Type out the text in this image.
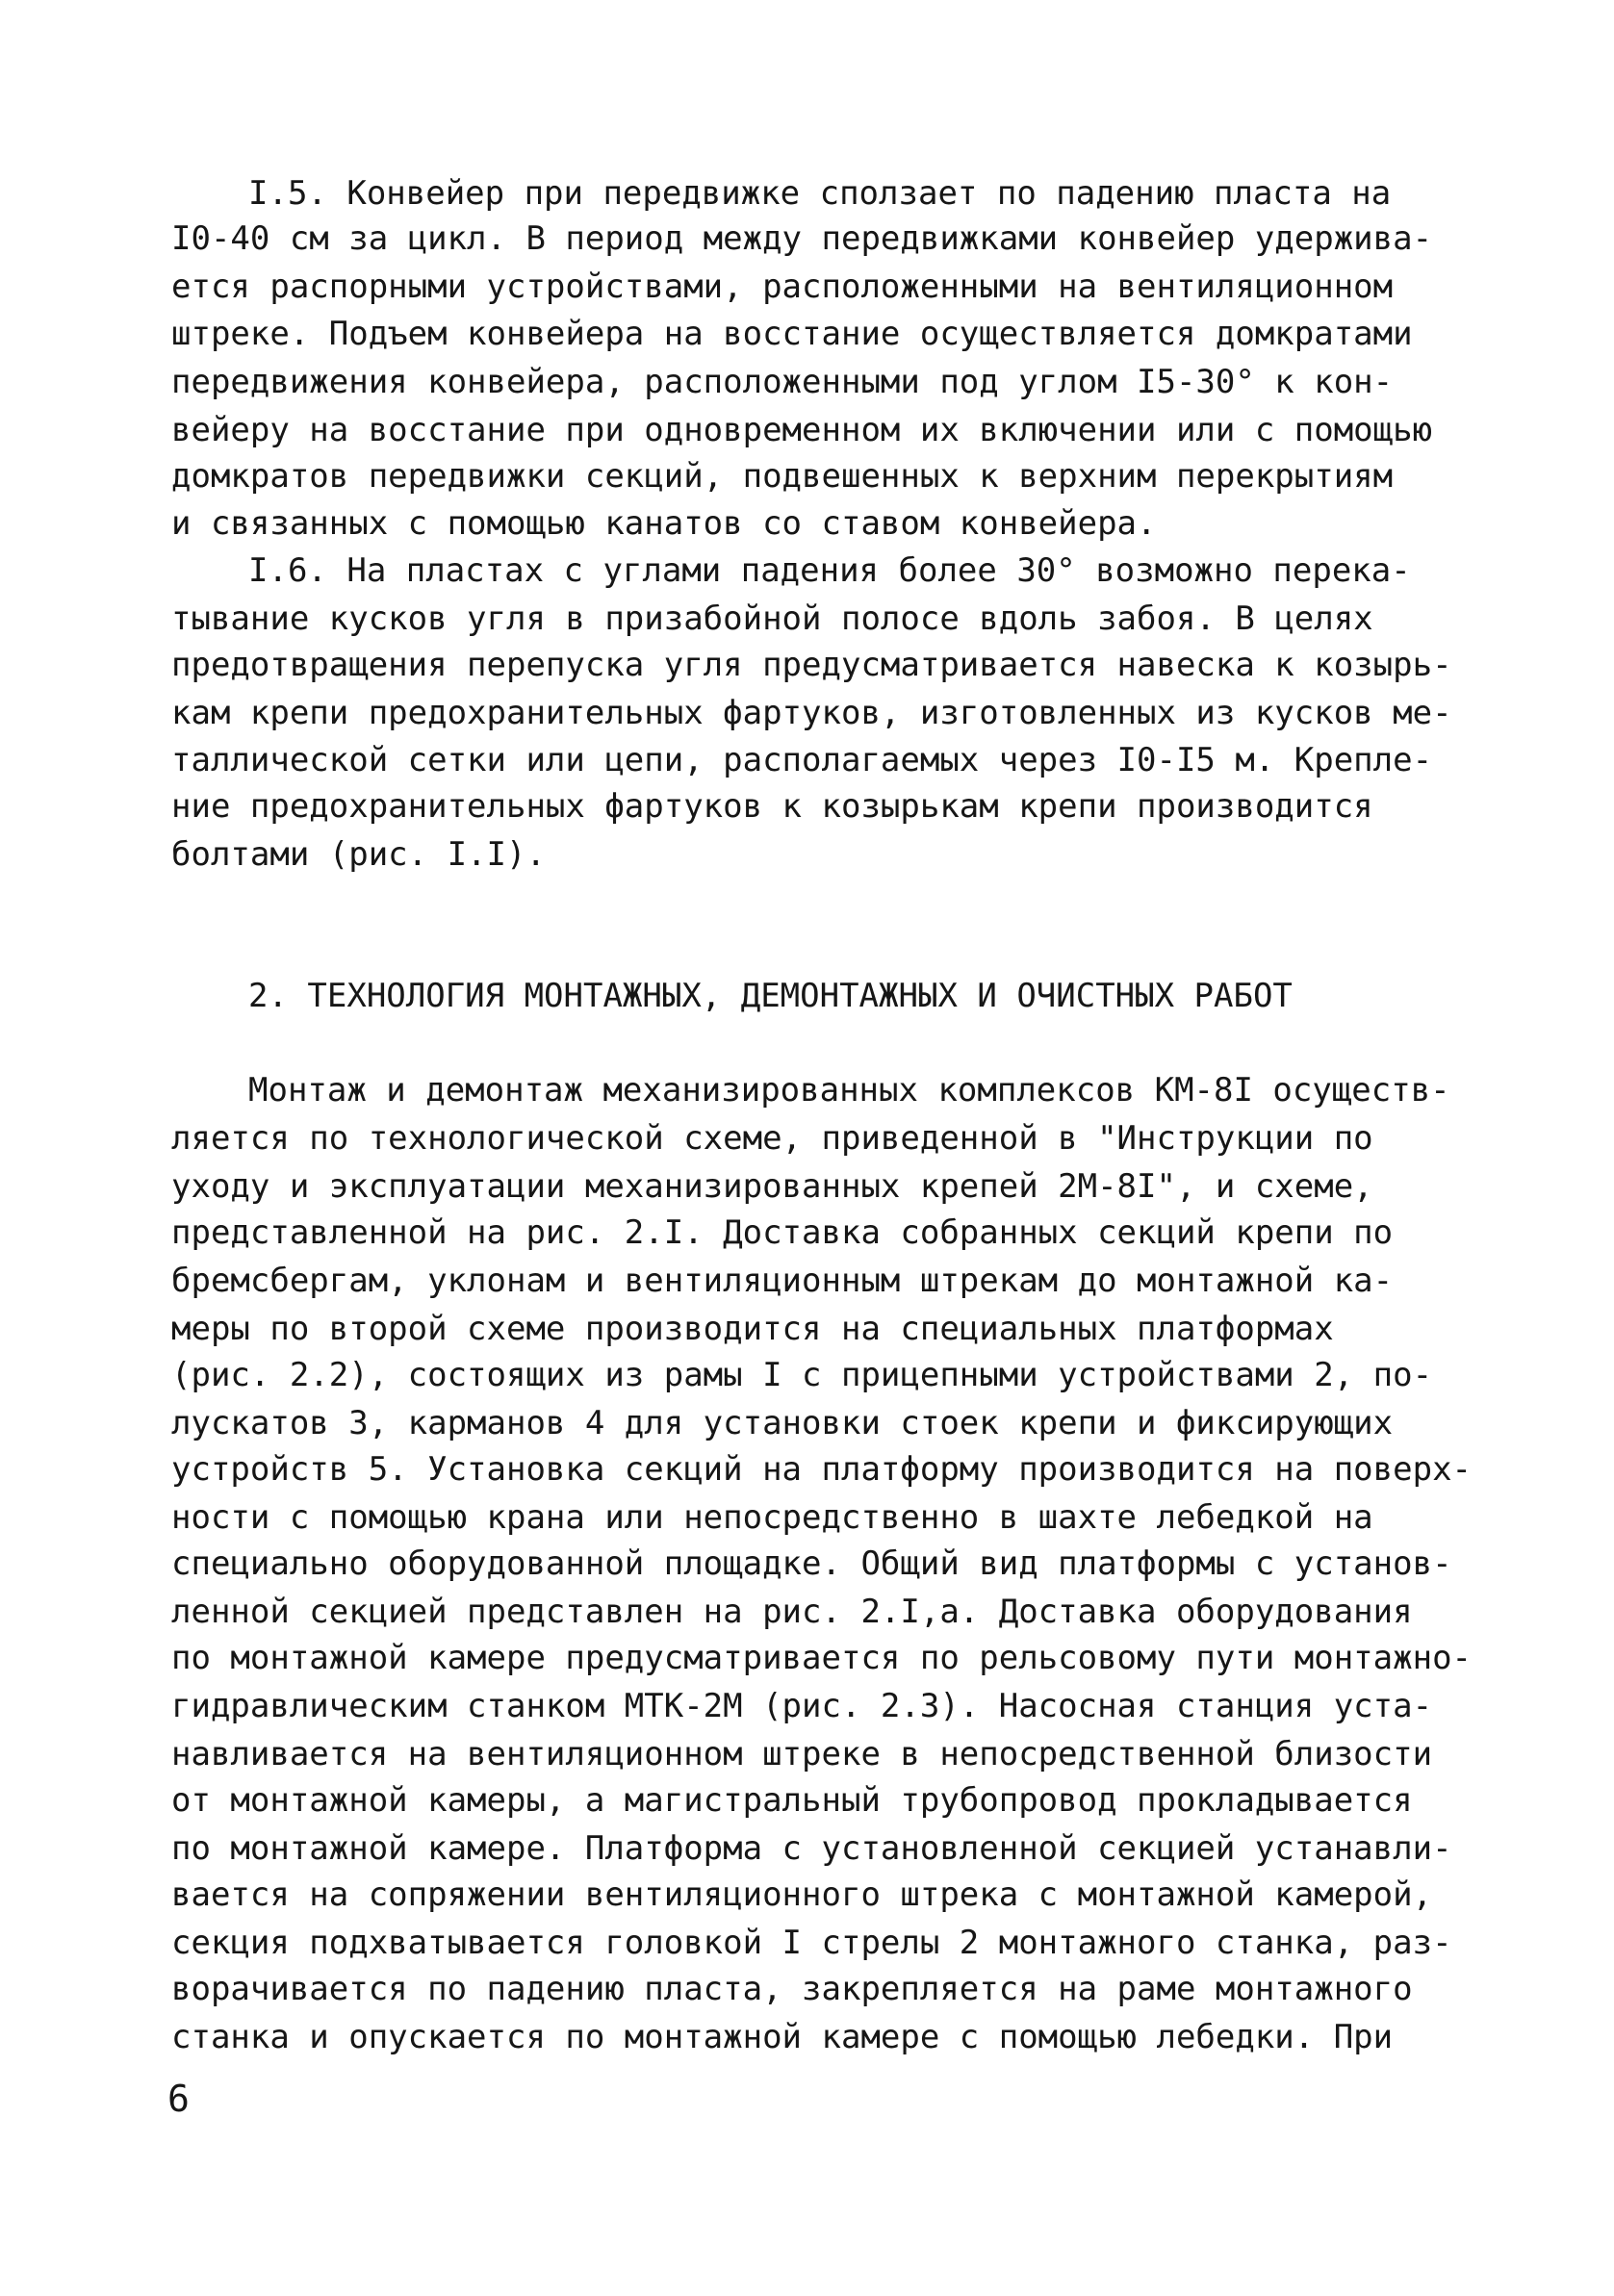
I.5. Конвейер при передвижке сползает по падению пласта на
I0-40 см за цикл. В период между передвижками конвейер удержива-
ется распорными устройствами, расположенными на вентиляционном
штреке. Подъем конвейера на восстание осуществляется домкратами
передвижения конвейера, расположенными под углом I5-30° к кон-
вейеру на восстание при одновременном их включении или с помощью
домкратов передвижки секций, подвешенных к верхним перекрытиям
и связанных с помощью канатов со ставом конвейера.
I.6. На пластах с углами падения более 30° возможно перека-
тывание кусков угля в призабойной полосе вдоль забоя. В целях
предотвращения перепуска угля предусматривается навеска к козырь-
кам крепи предохранительных фартуков, изготовленных из кусков ме-
таллической сетки или цепи, располагаемых через I0-I5 м. Крепле-
ние предохранительных фартуков к козырькам крепи производится
болтами (рис. I.I).
2. ТЕХНОЛОГИЯ МОНТАЖНЫХ, ДЕМОНТАЖНЫХ И ОЧИСТНЫХ РАБОТ
Монтаж и демонтаж механизированных комплексов КМ-8I осуществ-
ляется по технологической схеме, приведенной в "Инструкции по
уходу и эксплуатации механизированных крепей 2М-8I", и схеме,
представленной на рис. 2.I. Доставка собранных секций крепи по
бремсбергам, уклонам и вентиляционным штрекам до монтажной ка-
меры по второй схеме производится на специальных платформах
(рис. 2.2), состоящих из рамы I с прицепными устройствами 2, по-
лускатов 3, карманов 4 для установки стоек крепи и фиксирующих
устройств 5. Установка секций на платформу производится на поверх-
ности с помощью крана или непосредственно в шахте лебедкой на
специально оборудованной площадке. Общий вид платформы с установ-
ленной секцией представлен на рис. 2.I,а. Доставка оборудования
по монтажной камере предусматривается по рельсовому пути монтажно-
гидравлическим станком МТК-2М (рис. 2.3). Насосная станция уста-
навливается на вентиляционном штреке в непосредственной близости
от монтажной камеры, а магистральный трубопровод прокладывается
по монтажной камере. Платформа с установленной секцией устанавли-
вается на сопряжении вентиляционного штрека с монтажной камерой,
секция подхватывается головкой I стрелы 2 монтажного станка, раз-
ворачивается по падению пласта, закрепляется на раме монтажного
станка и опускается по монтажной камере с помощью лебедки. При
6
